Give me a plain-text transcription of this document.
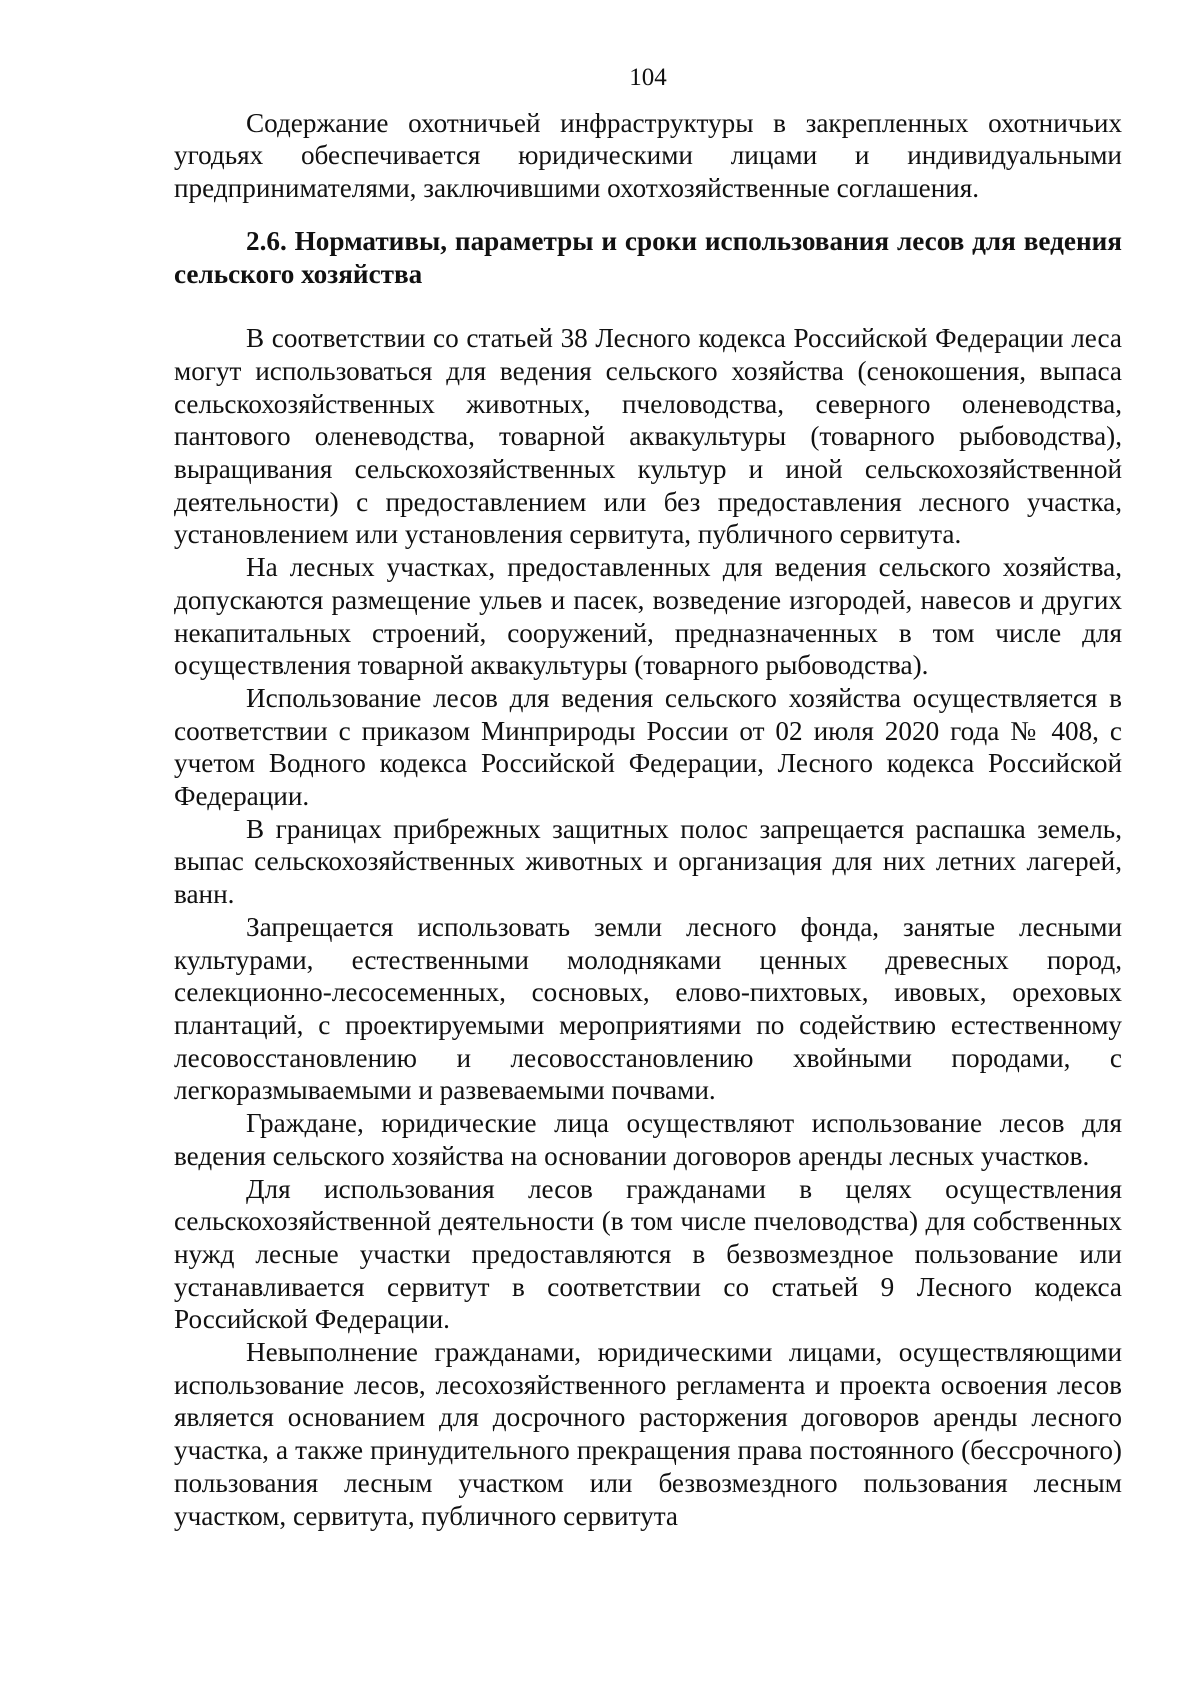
104

Содержание охотничьей инфраструктуры в закрепленных охотничьих угодьях обеспечивается юридическими лицами и индивидуальными предпринимателями, заключившими охотхозяйственные соглашения.

2.6. Нормативы, параметры и сроки использования лесов для ведения сельского хозяйства

В соответствии со статьей 38 Лесного кодекса Российской Федерации леса могут использоваться для ведения сельского хозяйства (сенокошения, выпаса сельскохозяйственных животных, пчеловодства, северного оленеводства, пантового оленеводства, товарной аквакультуры (товарного рыбоводства), выращивания сельскохозяйственных культур и иной сельскохозяйственной деятельности) с предоставлением или без предоставления лесного участка, установлением или установления сервитута, публичного сервитута.

На лесных участках, предоставленных для ведения сельского хозяйства, допускаются размещение ульев и пасек, возведение изгородей, навесов и других некапитальных строений, сооружений, предназначенных в том числе для осуществления товарной аквакультуры (товарного рыбоводства).

Использование лесов для ведения сельского хозяйства осуществляется в соответствии с приказом Минприроды России от 02 июля 2020 года № 408, с учетом Водного кодекса Российской Федерации, Лесного кодекса Российской Федерации.

В границах прибрежных защитных полос запрещается распашка земель, выпас сельскохозяйственных животных и организация для них летних лагерей, ванн.

Запрещается использовать земли лесного фонда, занятые лесными культурами, естественными молодняками ценных древесных пород, селекционно-лесосеменных, сосновых, елово-пихтовых, ивовых, ореховых плантаций, с проектируемыми мероприятиями по содействию естественному лесовосстановлению и лесовосстановлению хвойными породами, с легкоразмываемыми и развеваемыми почвами.

Граждане, юридические лица осуществляют использование лесов для ведения сельского хозяйства на основании договоров аренды лесных участков.

Для использования лесов гражданами в целях осуществления сельскохозяйственной деятельности (в том числе пчеловодства) для собственных нужд лесные участки предоставляются в безвозмездное пользование или устанавливается сервитут в соответствии со статьей 9 Лесного кодекса Российской Федерации.

Невыполнение гражданами, юридическими лицами, осуществляющими использование лесов, лесохозяйственного регламента и проекта освоения лесов является основанием для досрочного расторжения договоров аренды лесного участка, а также принудительного прекращения права постоянного (бессрочного) пользования лесным участком или безвозмездного пользования лесным участком, сервитута, публичного сервитута
